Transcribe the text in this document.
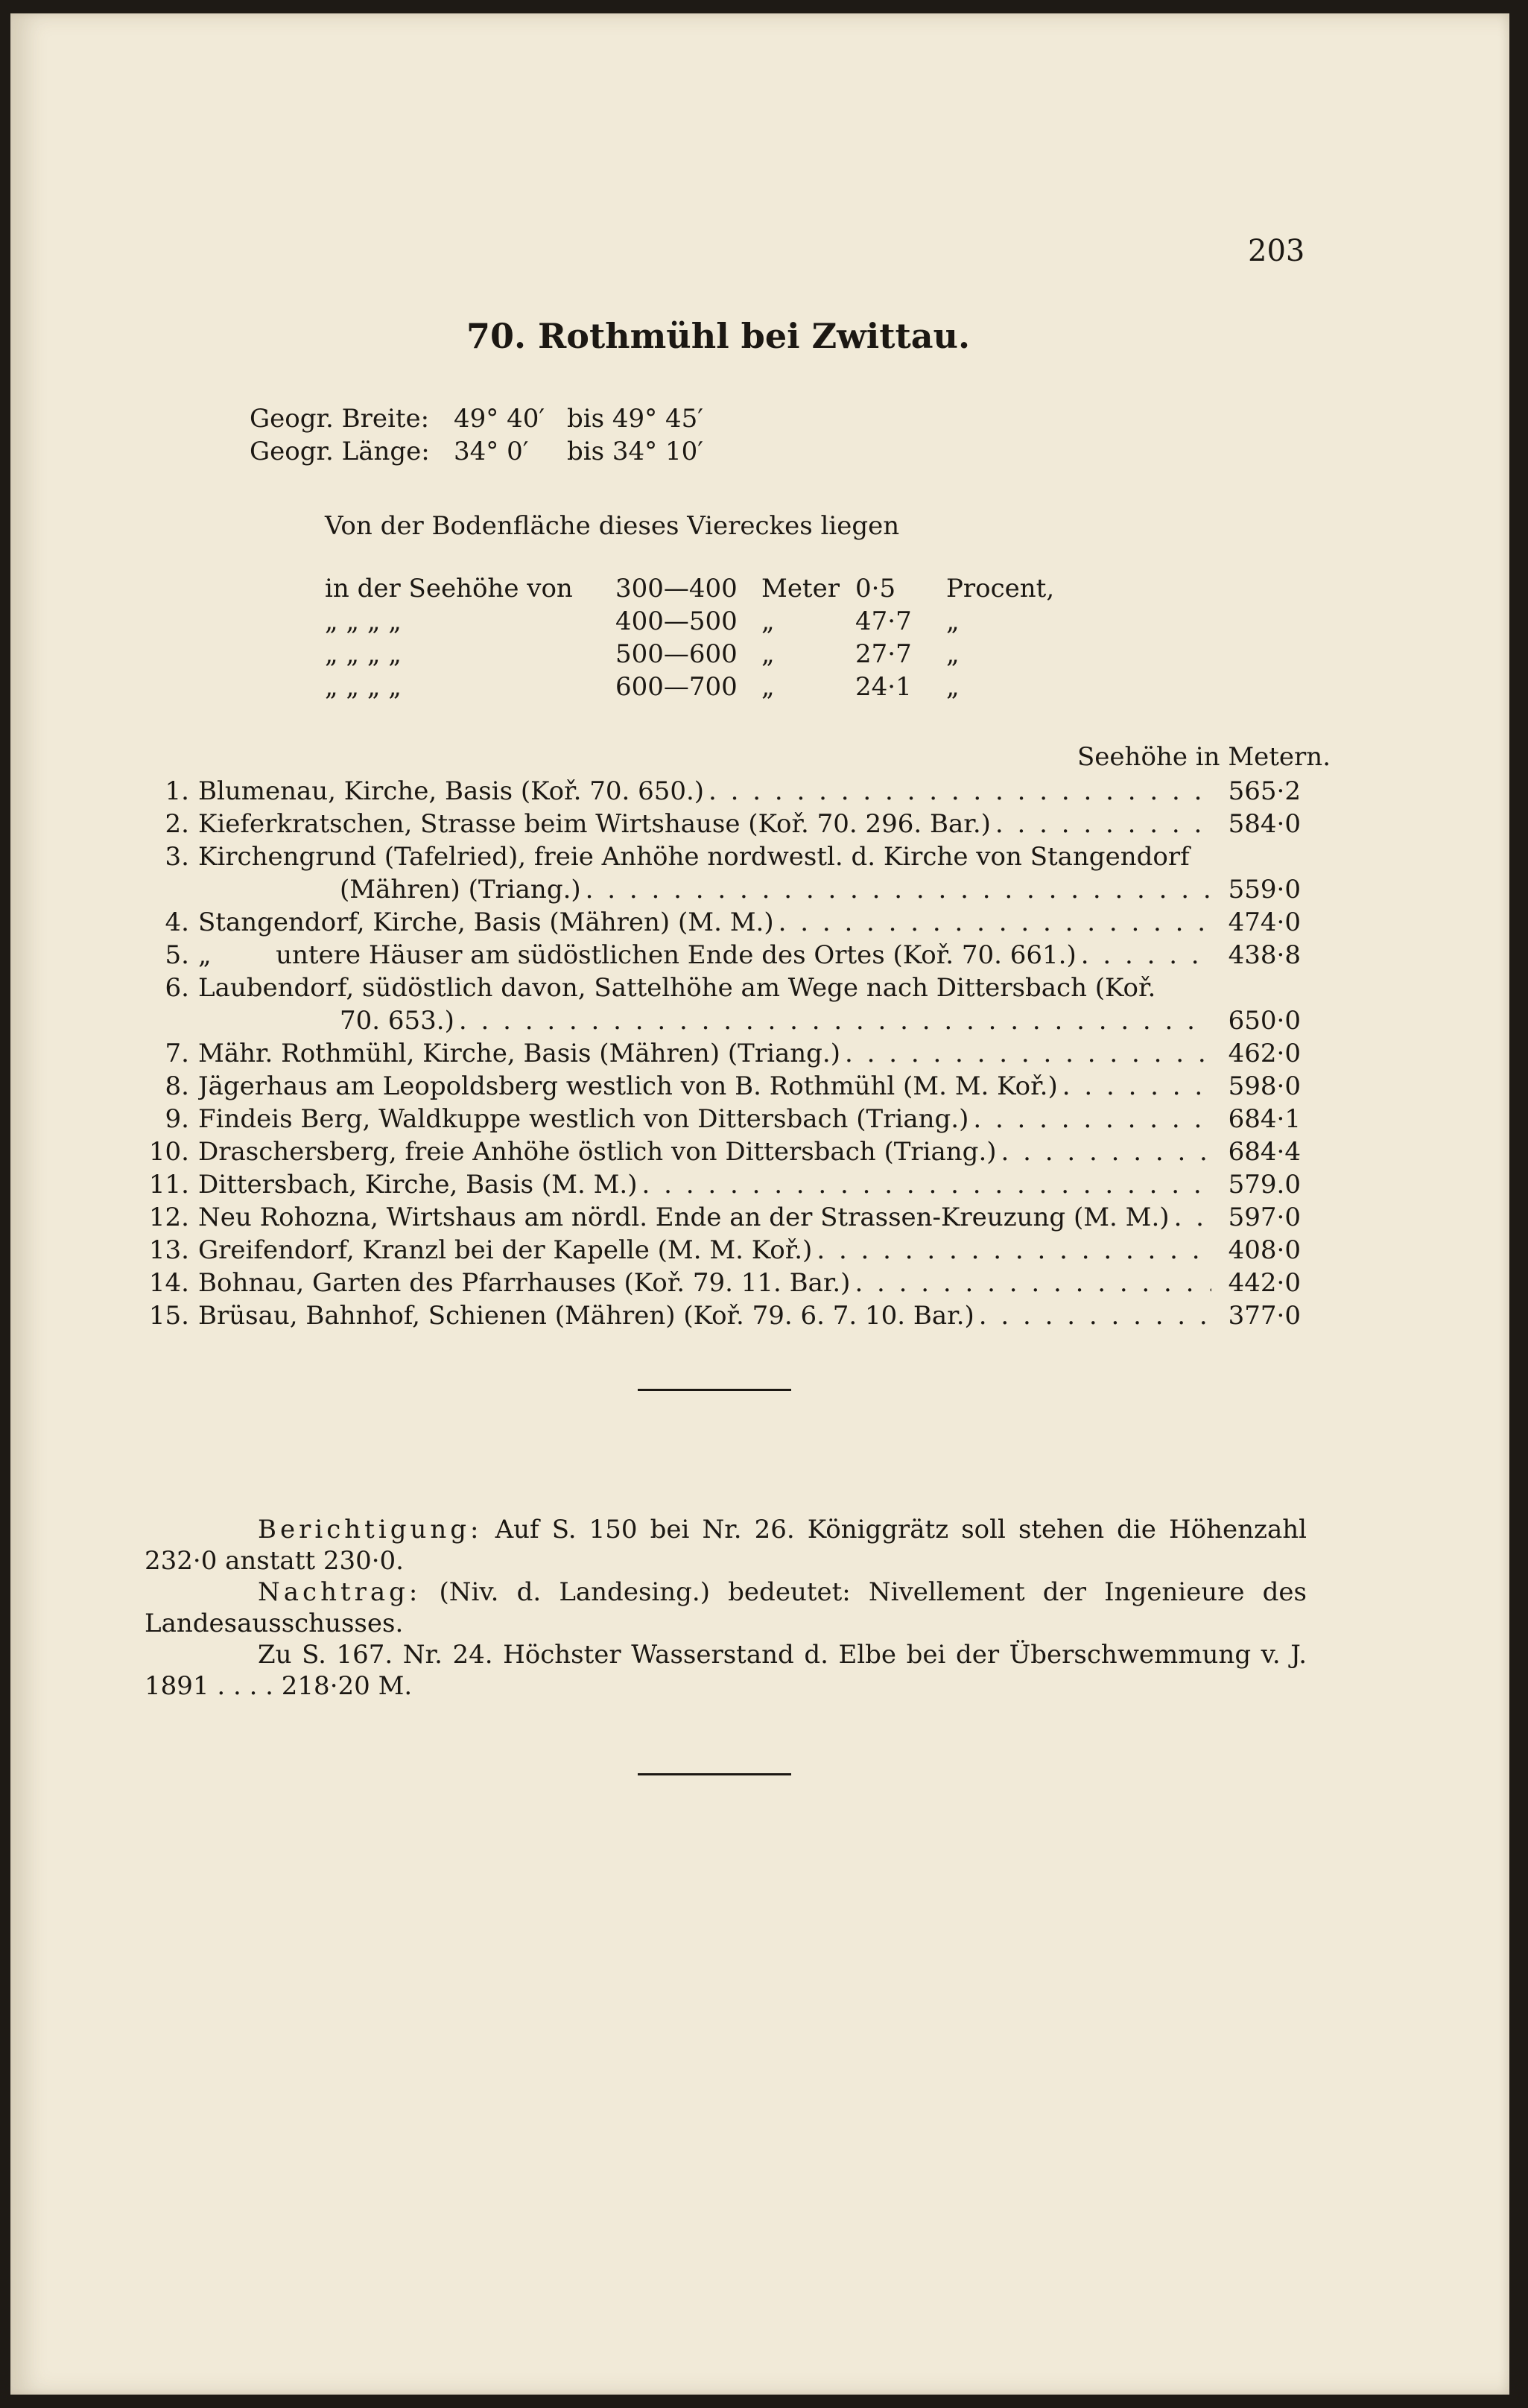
203
70. Rothmühl bei Zwittau.
Geogr. Breite: 49° 40′ bis 49° 45′
Geogr. Länge: 34° 0′	bis 34° 10′
Von der Bodenfläche dieses Viereckes liegen
in der Seehöhe von	300—400 Meter 0·5	Procent,
„ „ „ „	400—500 „	47·7	„
„ „ „ „	500—600 „	27·7	„
„ „ „ „	600—700 „	24·1	„
Seehöhe in Metern.
1. Blumenau, Kirche, Basis (Koř. 70. 650.) . . .	565·2
2. Kieferkratschen, Strasse beim Wirtshause (Koř. 70. 296. Bar.) . . .	584·0
3. Kirchengrund (Tafelried), freie Anhöhe nordwestl. d. Kirche von Stangendorf
(Mähren) (Triang.) . . .	559·0
4. Stangendorf, Kirche, Basis (Mähren) (M. M.) . . .	474·0
5. „        untere Häuser am südöstlichen Ende des Ortes (Koř. 70. 661.) . . .	438·8
6. Laubendorf, südöstlich davon, Sattelhöhe am Wege nach Dittersbach (Koř.
70. 653.) . . .	650·0
7. Mähr. Rothmühl, Kirche, Basis (Mähren) (Triang.) . . .	462·0
8. Jägerhaus am Leopoldsberg westlich von B. Rothmühl (M. M. Koř.) . . .	598·0
9. Findeis Berg, Waldkuppe westlich von Dittersbach (Triang.) . . .	684·1
10. Draschersberg, freie Anhöhe östlich von Dittersbach (Triang.) . . .	684·4
11. Dittersbach, Kirche, Basis (M. M.) . . .	579.0
12. Neu Rohozna, Wirtshaus am nördl. Ende an der Strassen-Kreuzung (M. M.) . . .	597·0
13. Greifendorf, Kranzl bei der Kapelle (M. M. Koř.) . . .	408·0
14. Bohnau, Garten des Pfarrhauses (Koř. 79. 11. Bar.) . . .	442·0
15. Brüsau, Bahnhof, Schienen (Mähren) (Koř. 79. 6. 7. 10. Bar.) . . .	377·0

Berichtigung: Auf S. 150 bei Nr. 26. Königgrätz soll stehen die Höhenzahl 232·0 anstatt 230·0.

Nachtrag: (Niv. d. Landesing.) bedeutet: Nivellement der Ingenieure des Landesausschusses.

Zu S. 167. Nr. 24. Höchster Wasserstand d. Elbe bei der Überschwemmung v. J. 1891 . . . . 218·20 M.
